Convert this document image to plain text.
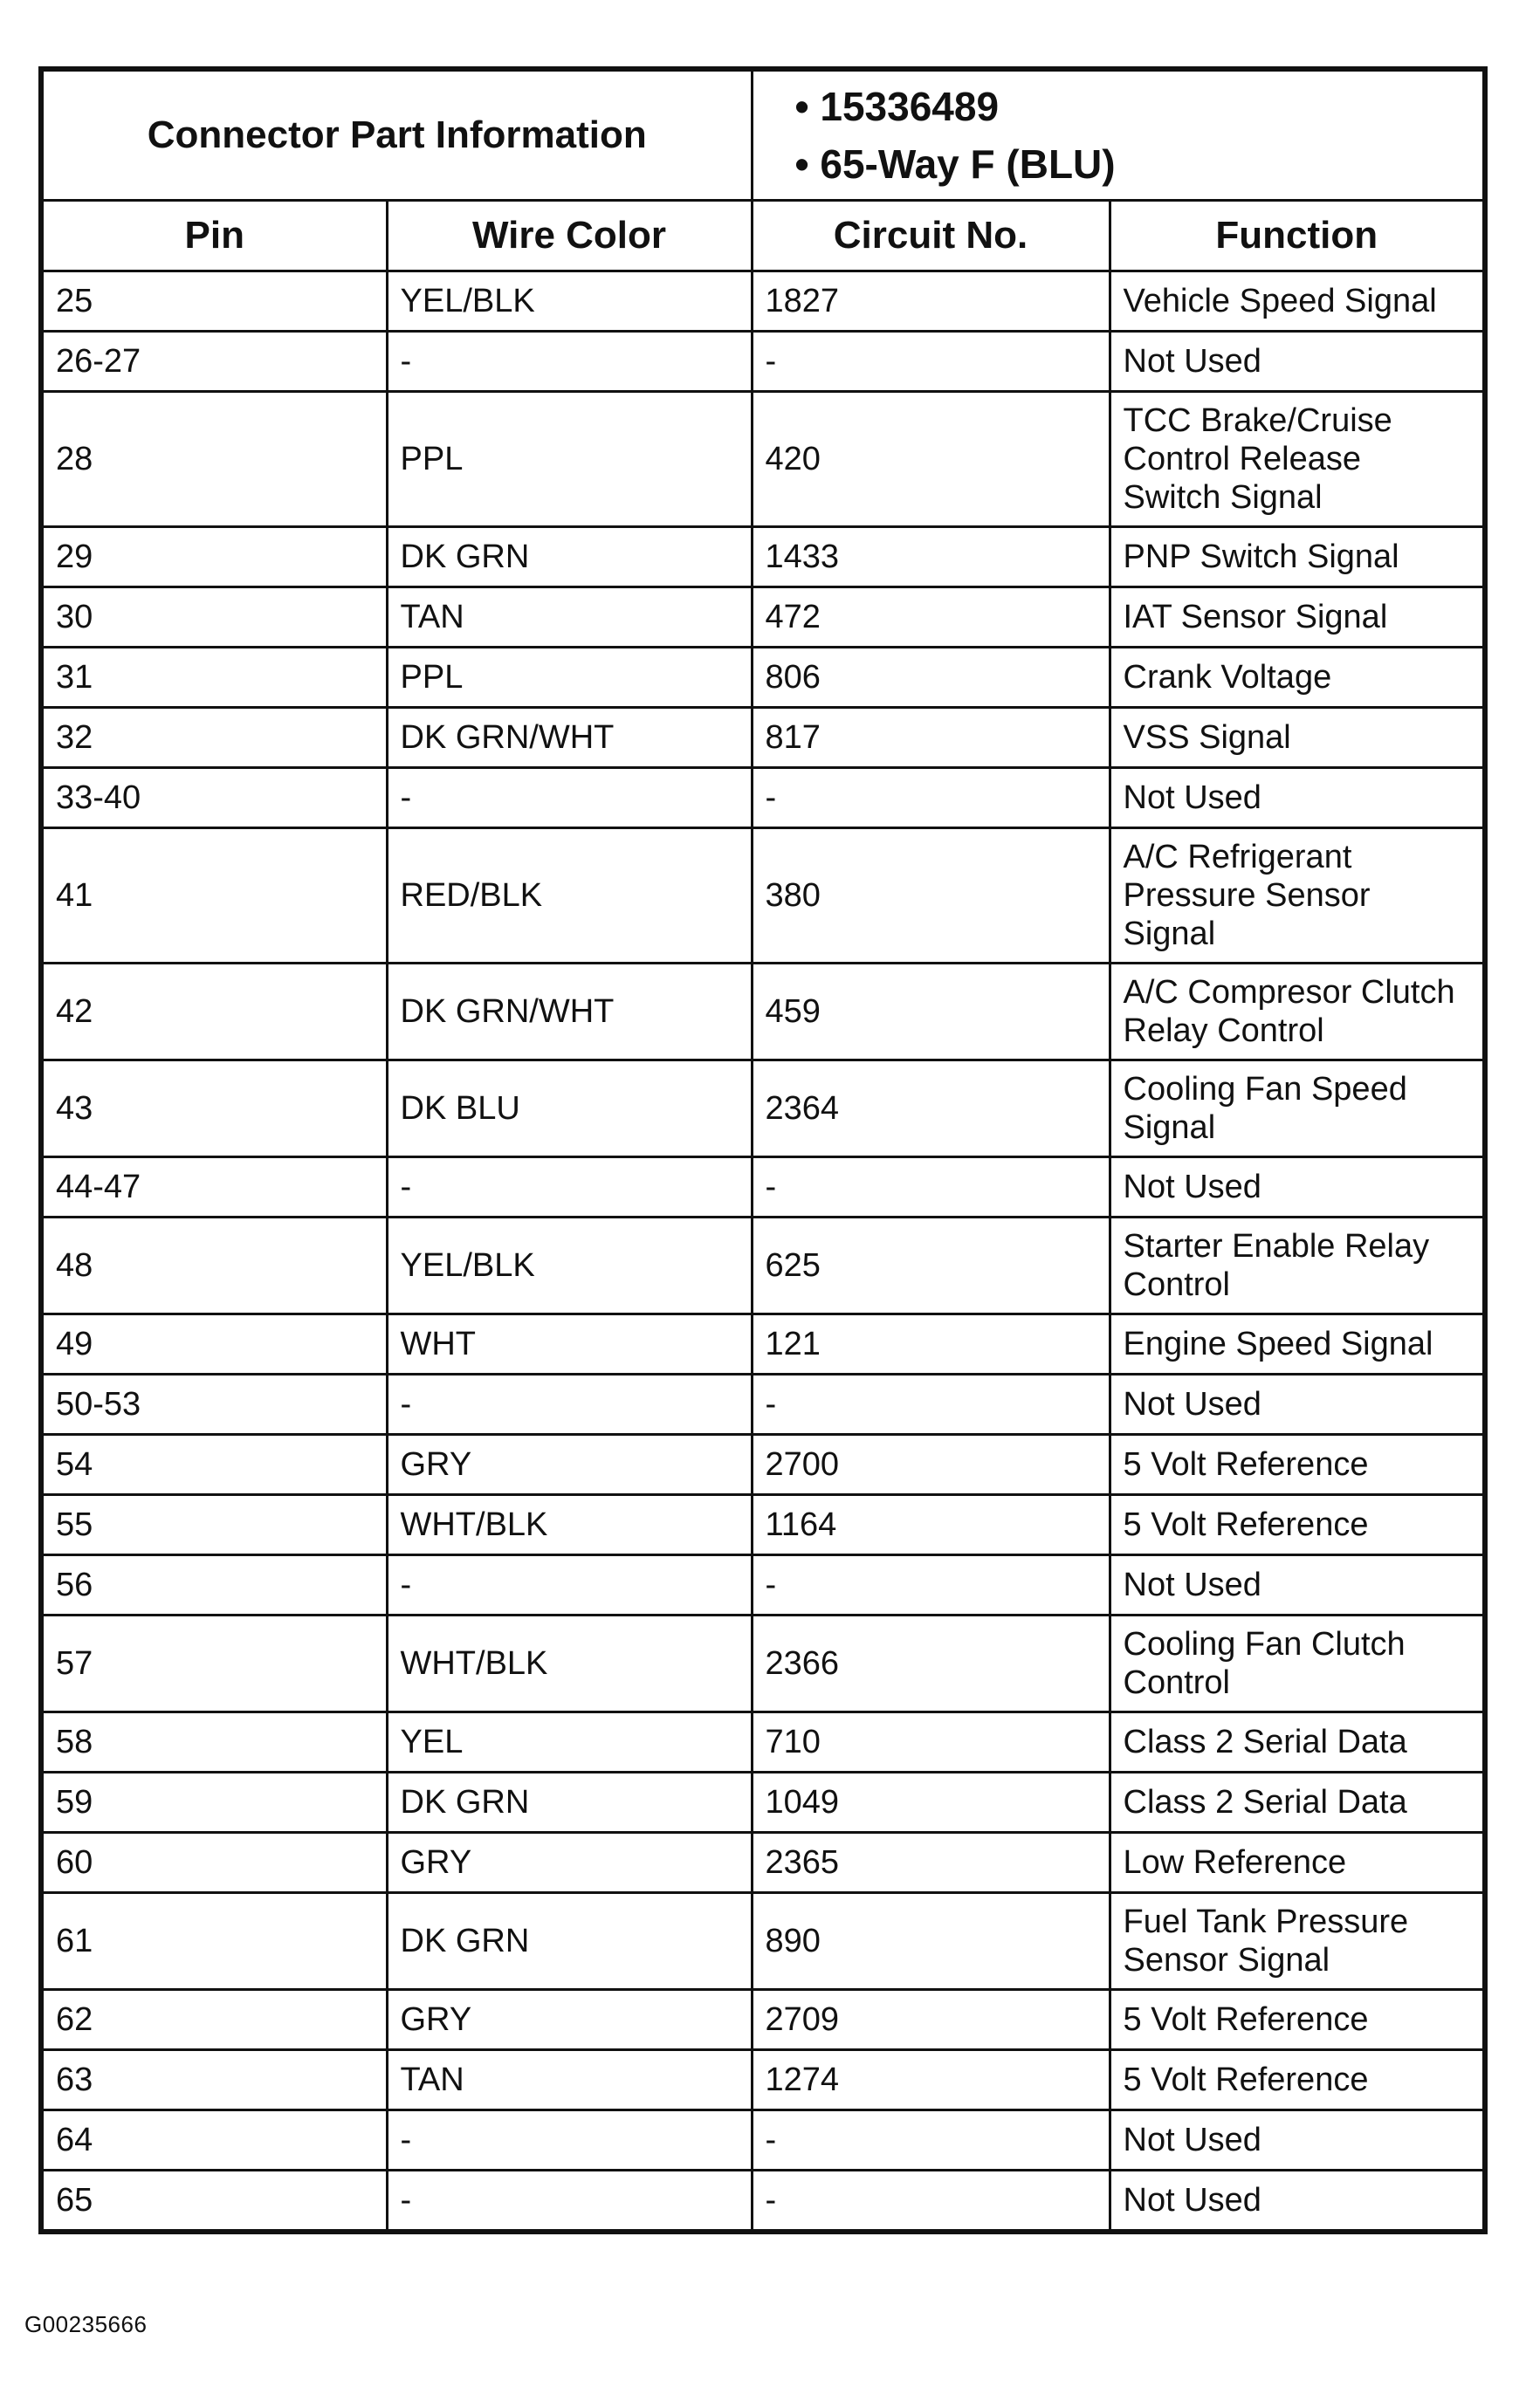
Connector Part Information		• 15336489
• 65-Way F (BLU)

Pin	Wire Color	Circuit No.	Function
25	YEL/BLK	1827	Vehicle Speed Signal

26-27	-	-	Not Used

28	PPL	420	TCC Brake/Cruise
Control Release
Switch Signal

29	DK GRN	1433	PNP Switch Signal

30	TAN	472	IAT Sensor Signal

31	PPL	806	Crank Voltage

32	DK GRN/WHT	817	VSS Signal

33-40	-	-	Not Used

41	RED/BLK	380	A/C Refrigerant
Pressure Sensor
Signal

42	DK GRN/WHT	459	A/C Compresor Clutch
Relay Control

43	DK BLU	2364	Cooling Fan Speed
Signal

44-47	-	-	Not Used

48	YEL/BLK	625	Starter Enable Relay
Control

49	WHT	121	Engine Speed Signal

50-53	-	-	Not Used

54	GRY	2700	5 Volt Reference

55	WHT/BLK	1164	5 Volt Reference

56	-	-	Not Used

57	WHT/BLK	2366	Cooling Fan Clutch
Control

58	YEL	710	Class 2 Serial Data

59	DK GRN	1049	Class 2 Serial Data

60	GRY	2365	Low Reference

61	DK GRN	890	Fuel Tank Pressure
Sensor Signal

62	GRY	2709	5 Volt Reference

63	TAN	1274	5 Volt Reference

64	-	-	Not Used

65	-	-	Not Used
G00235666
